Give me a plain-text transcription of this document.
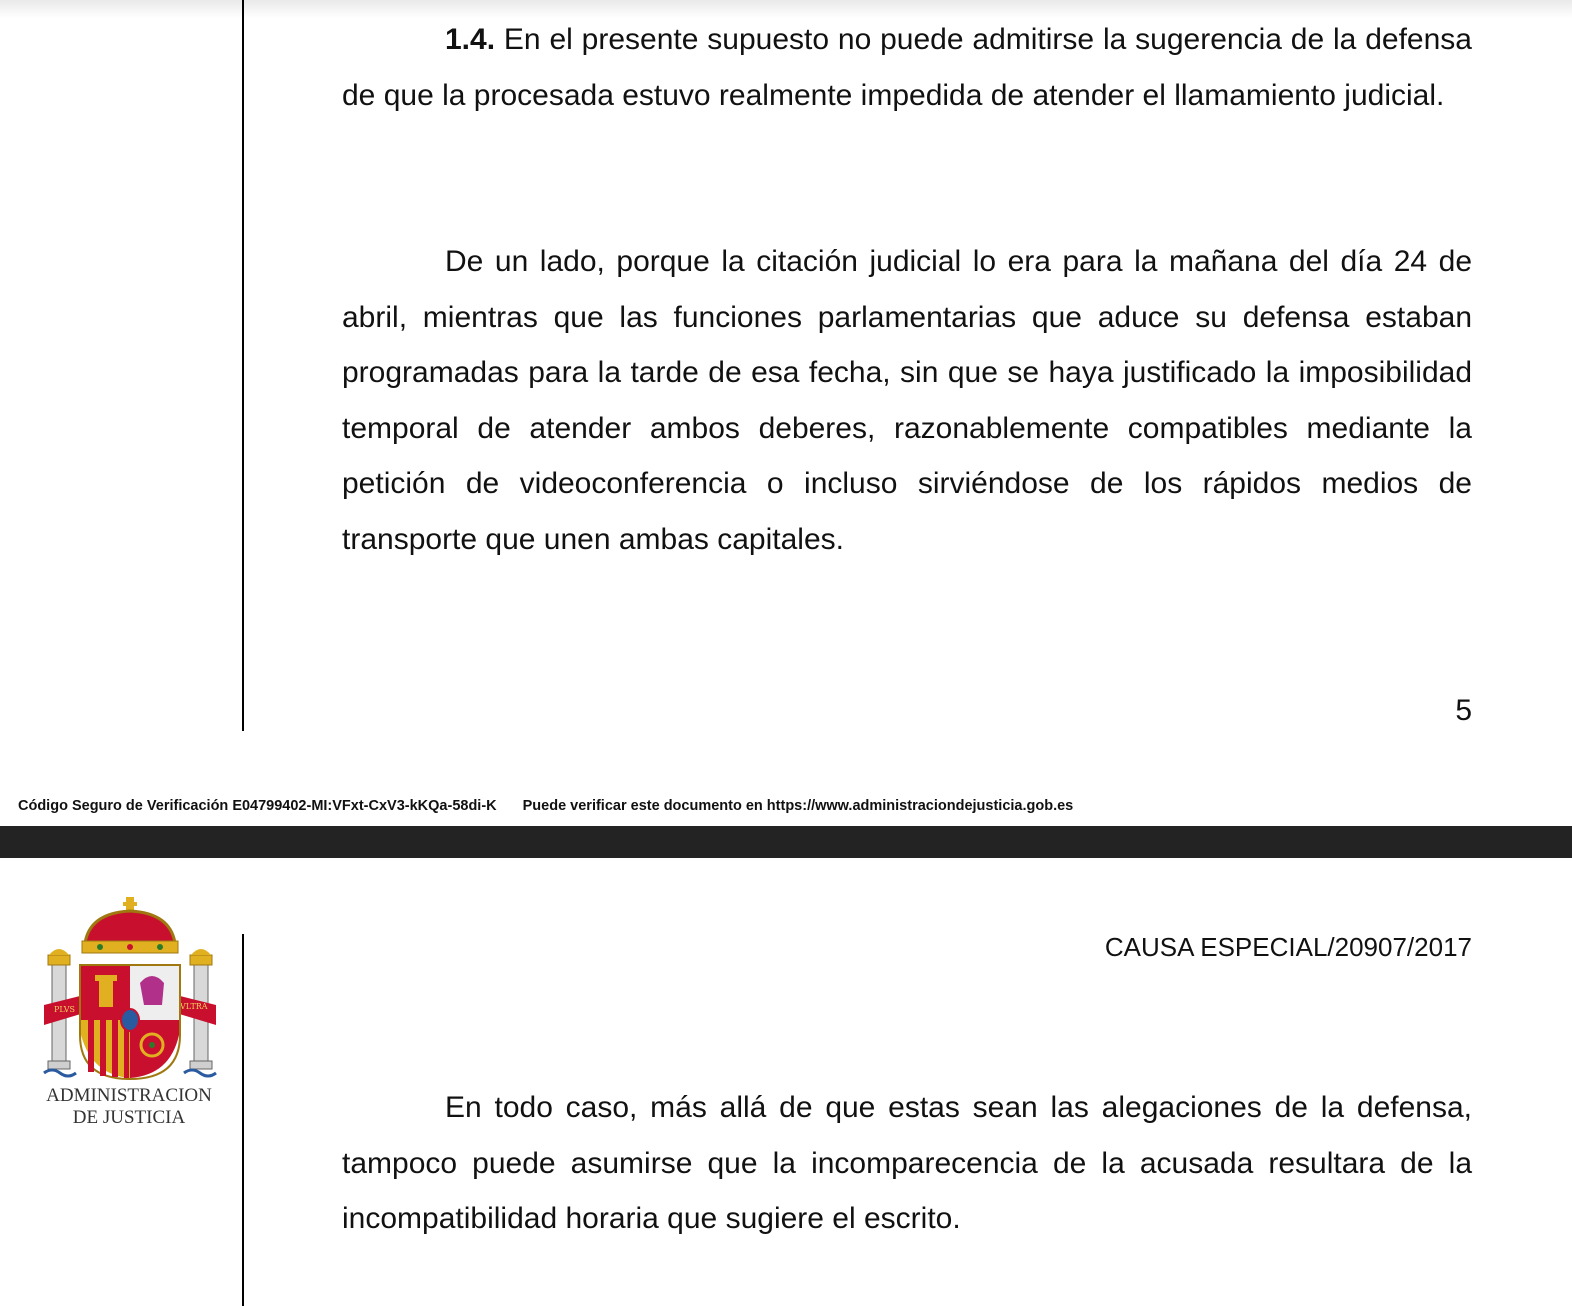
1.4. En el presente supuesto no puede admitirse la sugerencia de la defensa de que la procesada estuvo realmente impedida de atender el llamamiento judicial.

De un lado, porque la citación judicial lo era para la mañana del día 24 de abril, mientras que las funciones parlamentarias que aduce su defensa estaban programadas para la tarde de esa fecha, sin que se haya justificado la imposibilidad temporal de atender ambos deberes, razonablemente compatibles mediante la petición de videoconferencia o incluso sirviéndose de los rápidos medios de transporte que unen ambas capitales.

5
Código Seguro de Verificación E04799402-MI:VFxt-CxV3-kKQa-58di-K Puede verificar este documento en https://www.administraciondejusticia.gob.es
PLVS	VLTRA
ADMINISTRACION
DE JUSTICIA
CAUSA ESPECIAL/20907/2017

En todo caso, más allá de que estas sean las alegaciones de la defensa, tampoco puede asumirse que la incomparecencia de la acusada resultara de la incompatibilidad horaria que sugiere el escrito.
